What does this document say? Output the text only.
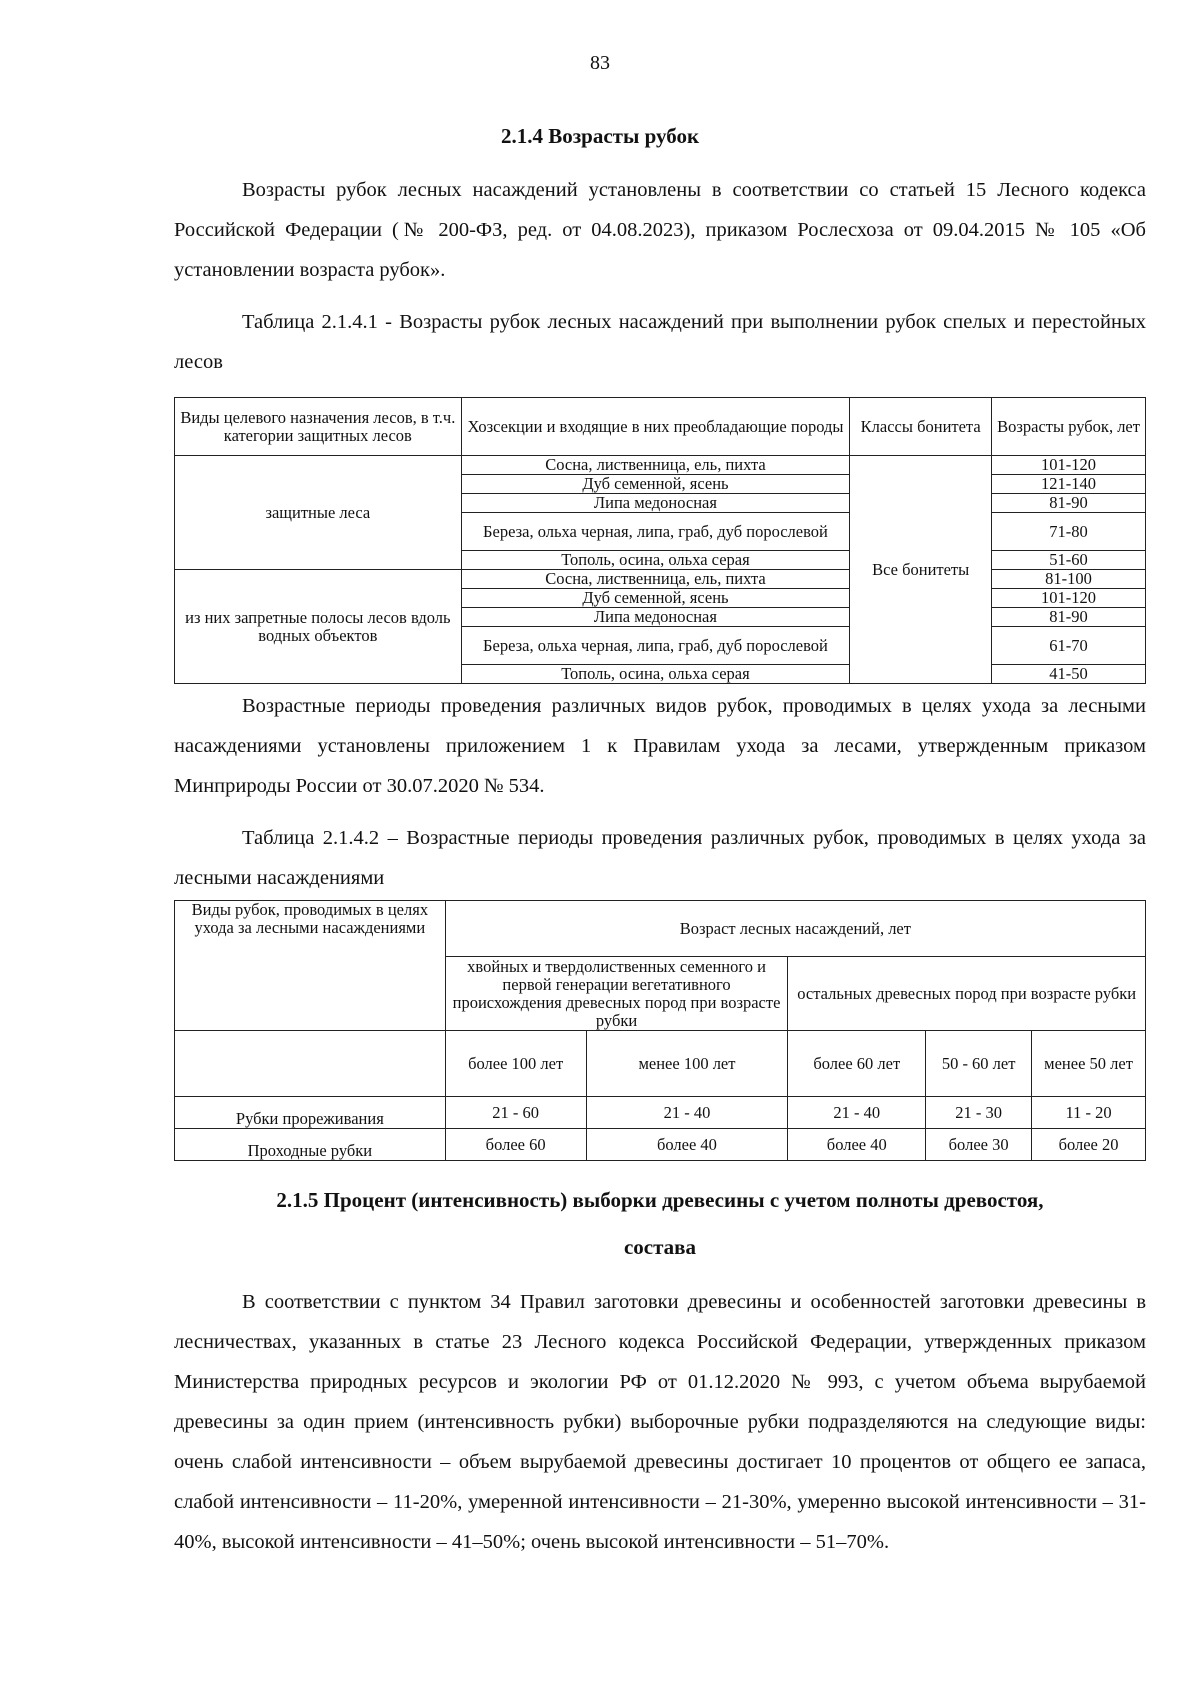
83
2.1.4 Возрасты рубок
Возрасты рубок лесных насаждений установлены в соответствии со статьей 15 Лесного кодекса Российской Федерации (№ 200-ФЗ, ред. от 04.08.2023), приказом Рослесхоза от 09.04.2015 № 105 «Об установлении возраста рубок».
Таблица 2.1.4.1 - Возрасты рубок лесных насаждений при выполнении рубок спелых и перестойных лесов
Виды целевого назначения лесов, в т.ч. категории защитных лесов	Хозсекции и входящие в них преобладающие породы	Классы бонитета	Возрасты рубок, лет
защитные леса	Сосна, лиственница, ель, пихта	Все бонитеты	101-120
	Дуб семенной, ясень		121-140
	Липа медоносная		81-90
	Береза, ольха черная, липа, граб, дуб порослевой		71-80
	Тополь, осина, ольха серая		51-60
из них запретные полосы лесов вдоль водных объектов	Сосна, лиственница, ель, пихта		81-100
	Дуб семенной, ясень		101-120
	Липа медоносная		81-90
	Береза, ольха черная, липа, граб, дуб порослевой		61-70
	Тополь, осина, ольха серая		41-50
Возрастные периоды проведения различных видов рубок, проводимых в целях ухода за лесными насаждениями установлены приложением 1 к Правилам ухода за лесами, утвержденным приказом Минприроды России от 30.07.2020 № 534.
Таблица 2.1.4.2 – Возрастные периоды проведения различных рубок, проводимых в целях ухода за лесными насаждениями
Виды рубок, проводимых в целях ухода за лесными насаждениями	Возраст лесных насаждений, лет				
	хвойных и твердолиственных семенного и первой генерации вегетативного происхождения древесных пород при возрасте рубки		остальных древесных пород при возрасте рубки		
	более 100 лет	менее 100 лет	более 60 лет	50 - 60 лет	менее 50 лет
Рубки прореживания	21 - 60	21 - 40	21 - 40	21 - 30	11 - 20
Проходные рубки	более 60	более 40	более 40	более 30	более 20
2.1.5 Процент (интенсивность) выборки древесины с учетом полноты древостоя,
состава
В соответствии с пунктом 34 Правил заготовки древесины и особенностей заготовки древесины в лесничествах, указанных в статье 23 Лесного кодекса Российской Федерации, утвержденных приказом Министерства природных ресурсов и экологии РФ от 01.12.2020 № 993, с учетом объема вырубаемой древесины за один прием (интенсивность рубки) выборочные рубки подразделяются на следующие виды: очень слабой интенсивности – объем вырубаемой древесины достигает 10 процентов от общего ее запаса, слабой интенсивности – 11-20%, умеренной интенсивности – 21-30%, умеренно высокой интенсивности – 31-40%, высокой интенсивности – 41–50%; очень высокой интенсивности – 51–70%.
